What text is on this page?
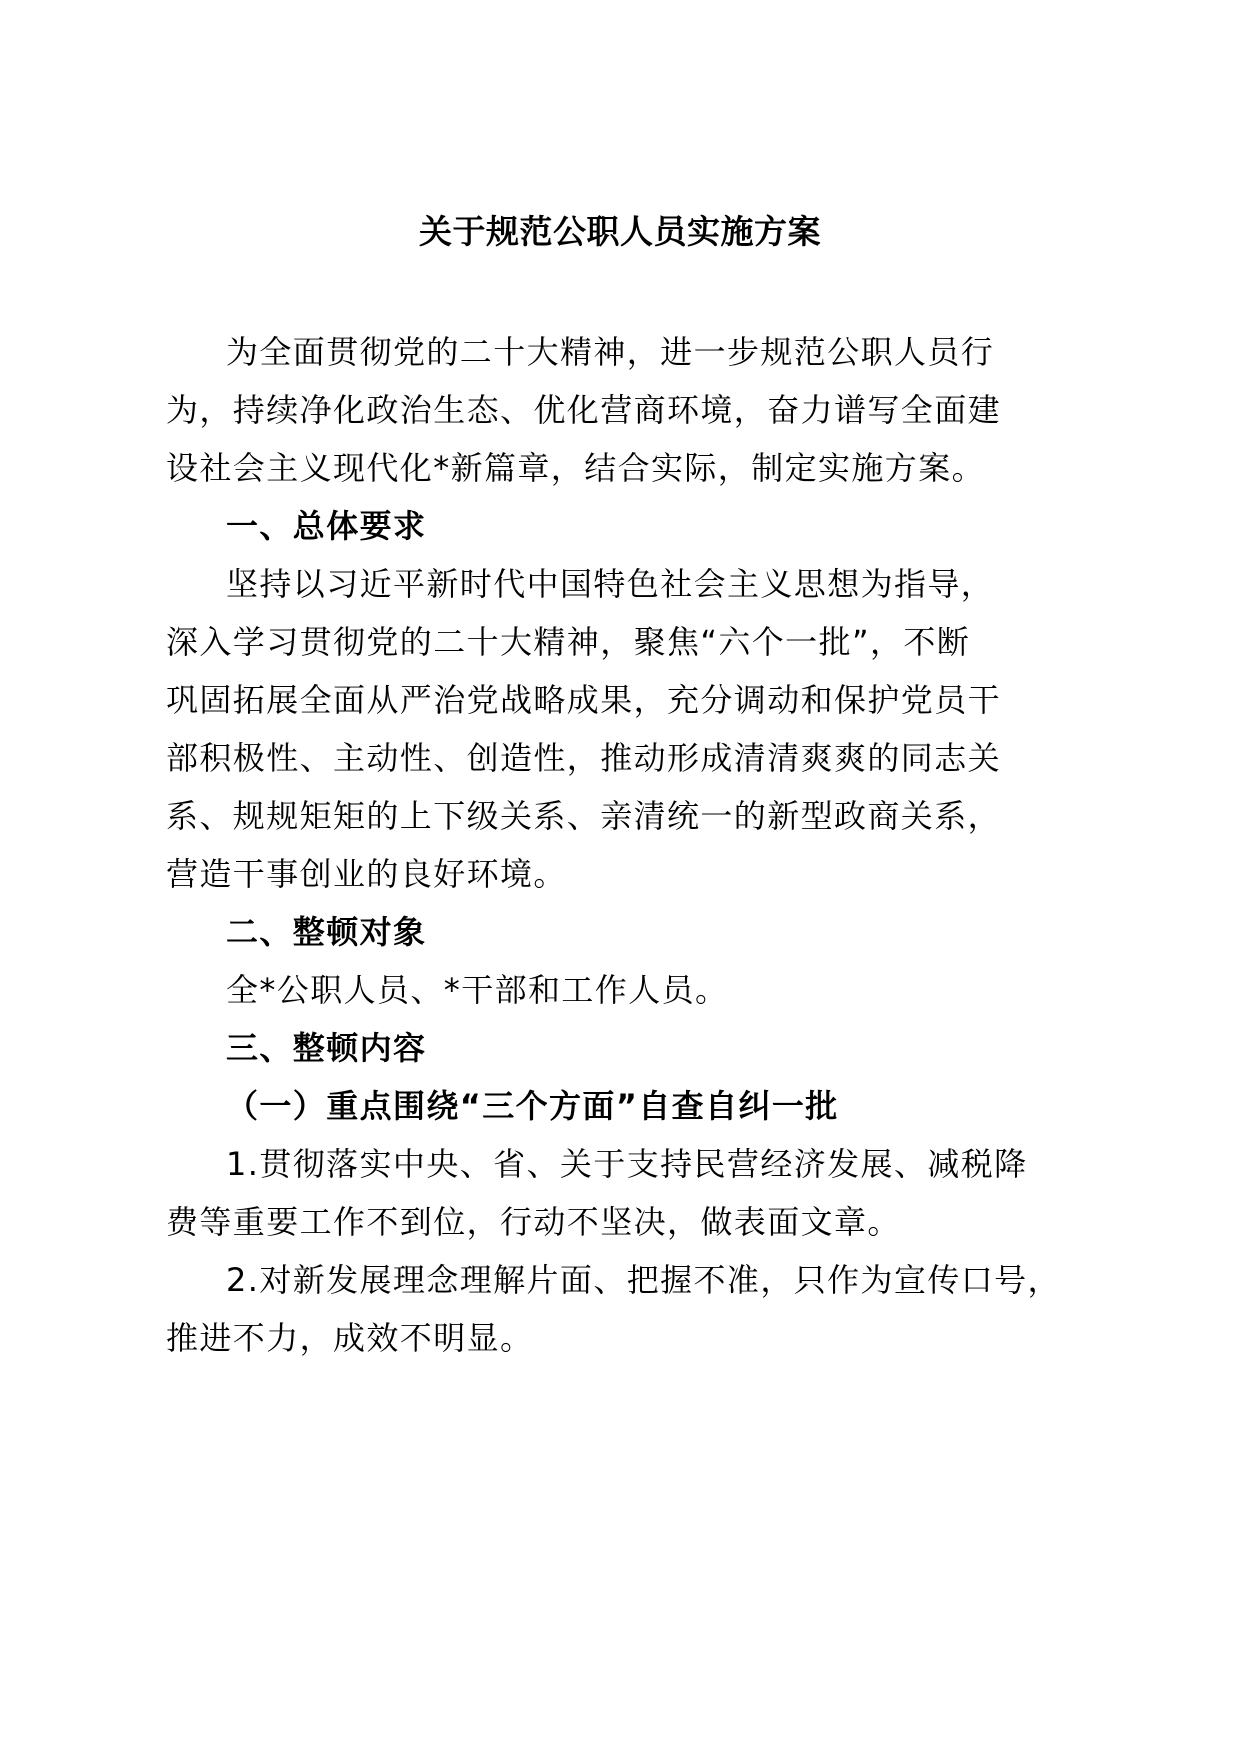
关于规范公职人员实施方案
为全面贯彻党的二十大精神，进一步规范公职人员行
为，持续净化政治生态、优化营商环境，奋力谱写全面建
设社会主义现代化*新篇章，结合实际，制定实施方案。
一、总体要求
坚持以习近平新时代中国特色社会主义思想为指导，
深入学习贯彻党的二十大精神，聚焦“六个一批”，不断
巩固拓展全面从严治党战略成果，充分调动和保护党员干
部积极性、主动性、创造性，推动形成清清爽爽的同志关
系、规规矩矩的上下级关系、亲清统一的新型政商关系，
营造干事创业的良好环境。
二、整顿对象
全*公职人员、*干部和工作人员。
三、整顿内容
（一）重点围绕“三个方面”自查自纠一批
1.贯彻落实中央、省、关于支持民营经济发展、减税降
费等重要工作不到位，行动不坚决，做表面文章。
2.对新发展理念理解片面、把握不准，只作为宣传口号，
推进不力，成效不明显。
